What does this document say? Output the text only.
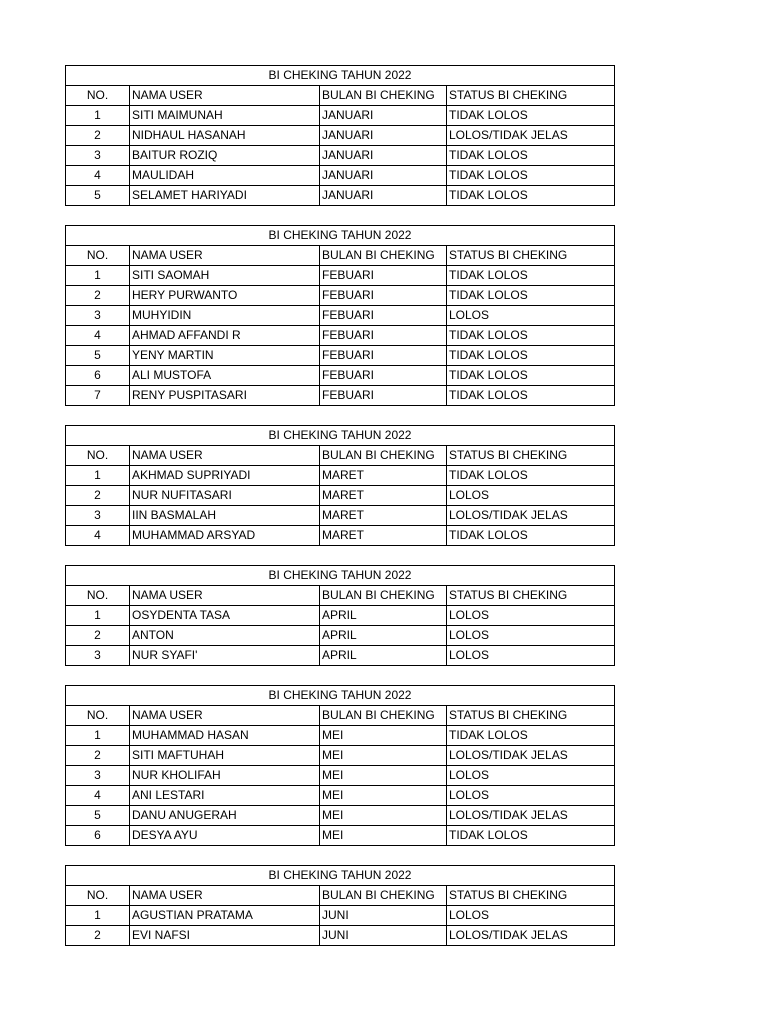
BI CHEKING TAHUN 2022			
NO.	NAMA USER	BULAN BI CHEKING	STATUS BI CHEKING
1	SITI MAIMUNAH	JANUARI	TIDAK LOLOS
2	NIDHAUL HASANAH	JANUARI	LOLOS/TIDAK JELAS
3	BAITUR ROZIQ	JANUARI	TIDAK LOLOS
4	MAULIDAH	JANUARI	TIDAK LOLOS
5	SELAMET HARIYADI	JANUARI	TIDAK LOLOS
BI CHEKING TAHUN 2022			
NO.	NAMA USER	BULAN BI CHEKING	STATUS BI CHEKING
1	SITI SAOMAH	FEBUARI	TIDAK LOLOS
2	HERY PURWANTO	FEBUARI	TIDAK LOLOS
3	MUHYIDIN	FEBUARI	LOLOS
4	AHMAD AFFANDI R	FEBUARI	TIDAK LOLOS
5	YENY MARTIN	FEBUARI	TIDAK LOLOS
6	ALI MUSTOFA	FEBUARI	TIDAK LOLOS
7	RENY PUSPITASARI	FEBUARI	TIDAK LOLOS
BI CHEKING TAHUN 2022			
NO.	NAMA USER	BULAN BI CHEKING	STATUS BI CHEKING
1	AKHMAD SUPRIYADI	MARET	TIDAK LOLOS
2	NUR NUFITASARI	MARET	LOLOS
3	IIN BASMALAH	MARET	LOLOS/TIDAK JELAS
4	MUHAMMAD ARSYAD	MARET	TIDAK LOLOS
BI CHEKING TAHUN 2022			
NO.	NAMA USER	BULAN BI CHEKING	STATUS BI CHEKING
1	OSYDENTA TASA	APRIL	LOLOS
2	ANTON	APRIL	LOLOS
3	NUR SYAFI'	APRIL	LOLOS
BI CHEKING TAHUN 2022			
NO.	NAMA USER	BULAN BI CHEKING	STATUS BI CHEKING
1	MUHAMMAD HASAN	MEI	TIDAK LOLOS
2	SITI MAFTUHAH	MEI	LOLOS/TIDAK JELAS
3	NUR KHOLIFAH	MEI	LOLOS
4	ANI LESTARI	MEI	LOLOS
5	DANU ANUGERAH	MEI	LOLOS/TIDAK JELAS
6	DESYA AYU	MEI	TIDAK LOLOS
BI CHEKING TAHUN 2022			
NO.	NAMA USER	BULAN BI CHEKING	STATUS BI CHEKING
1	AGUSTIAN PRATAMA	JUNI	LOLOS
2	EVI NAFSI	JUNI	LOLOS/TIDAK JELAS
